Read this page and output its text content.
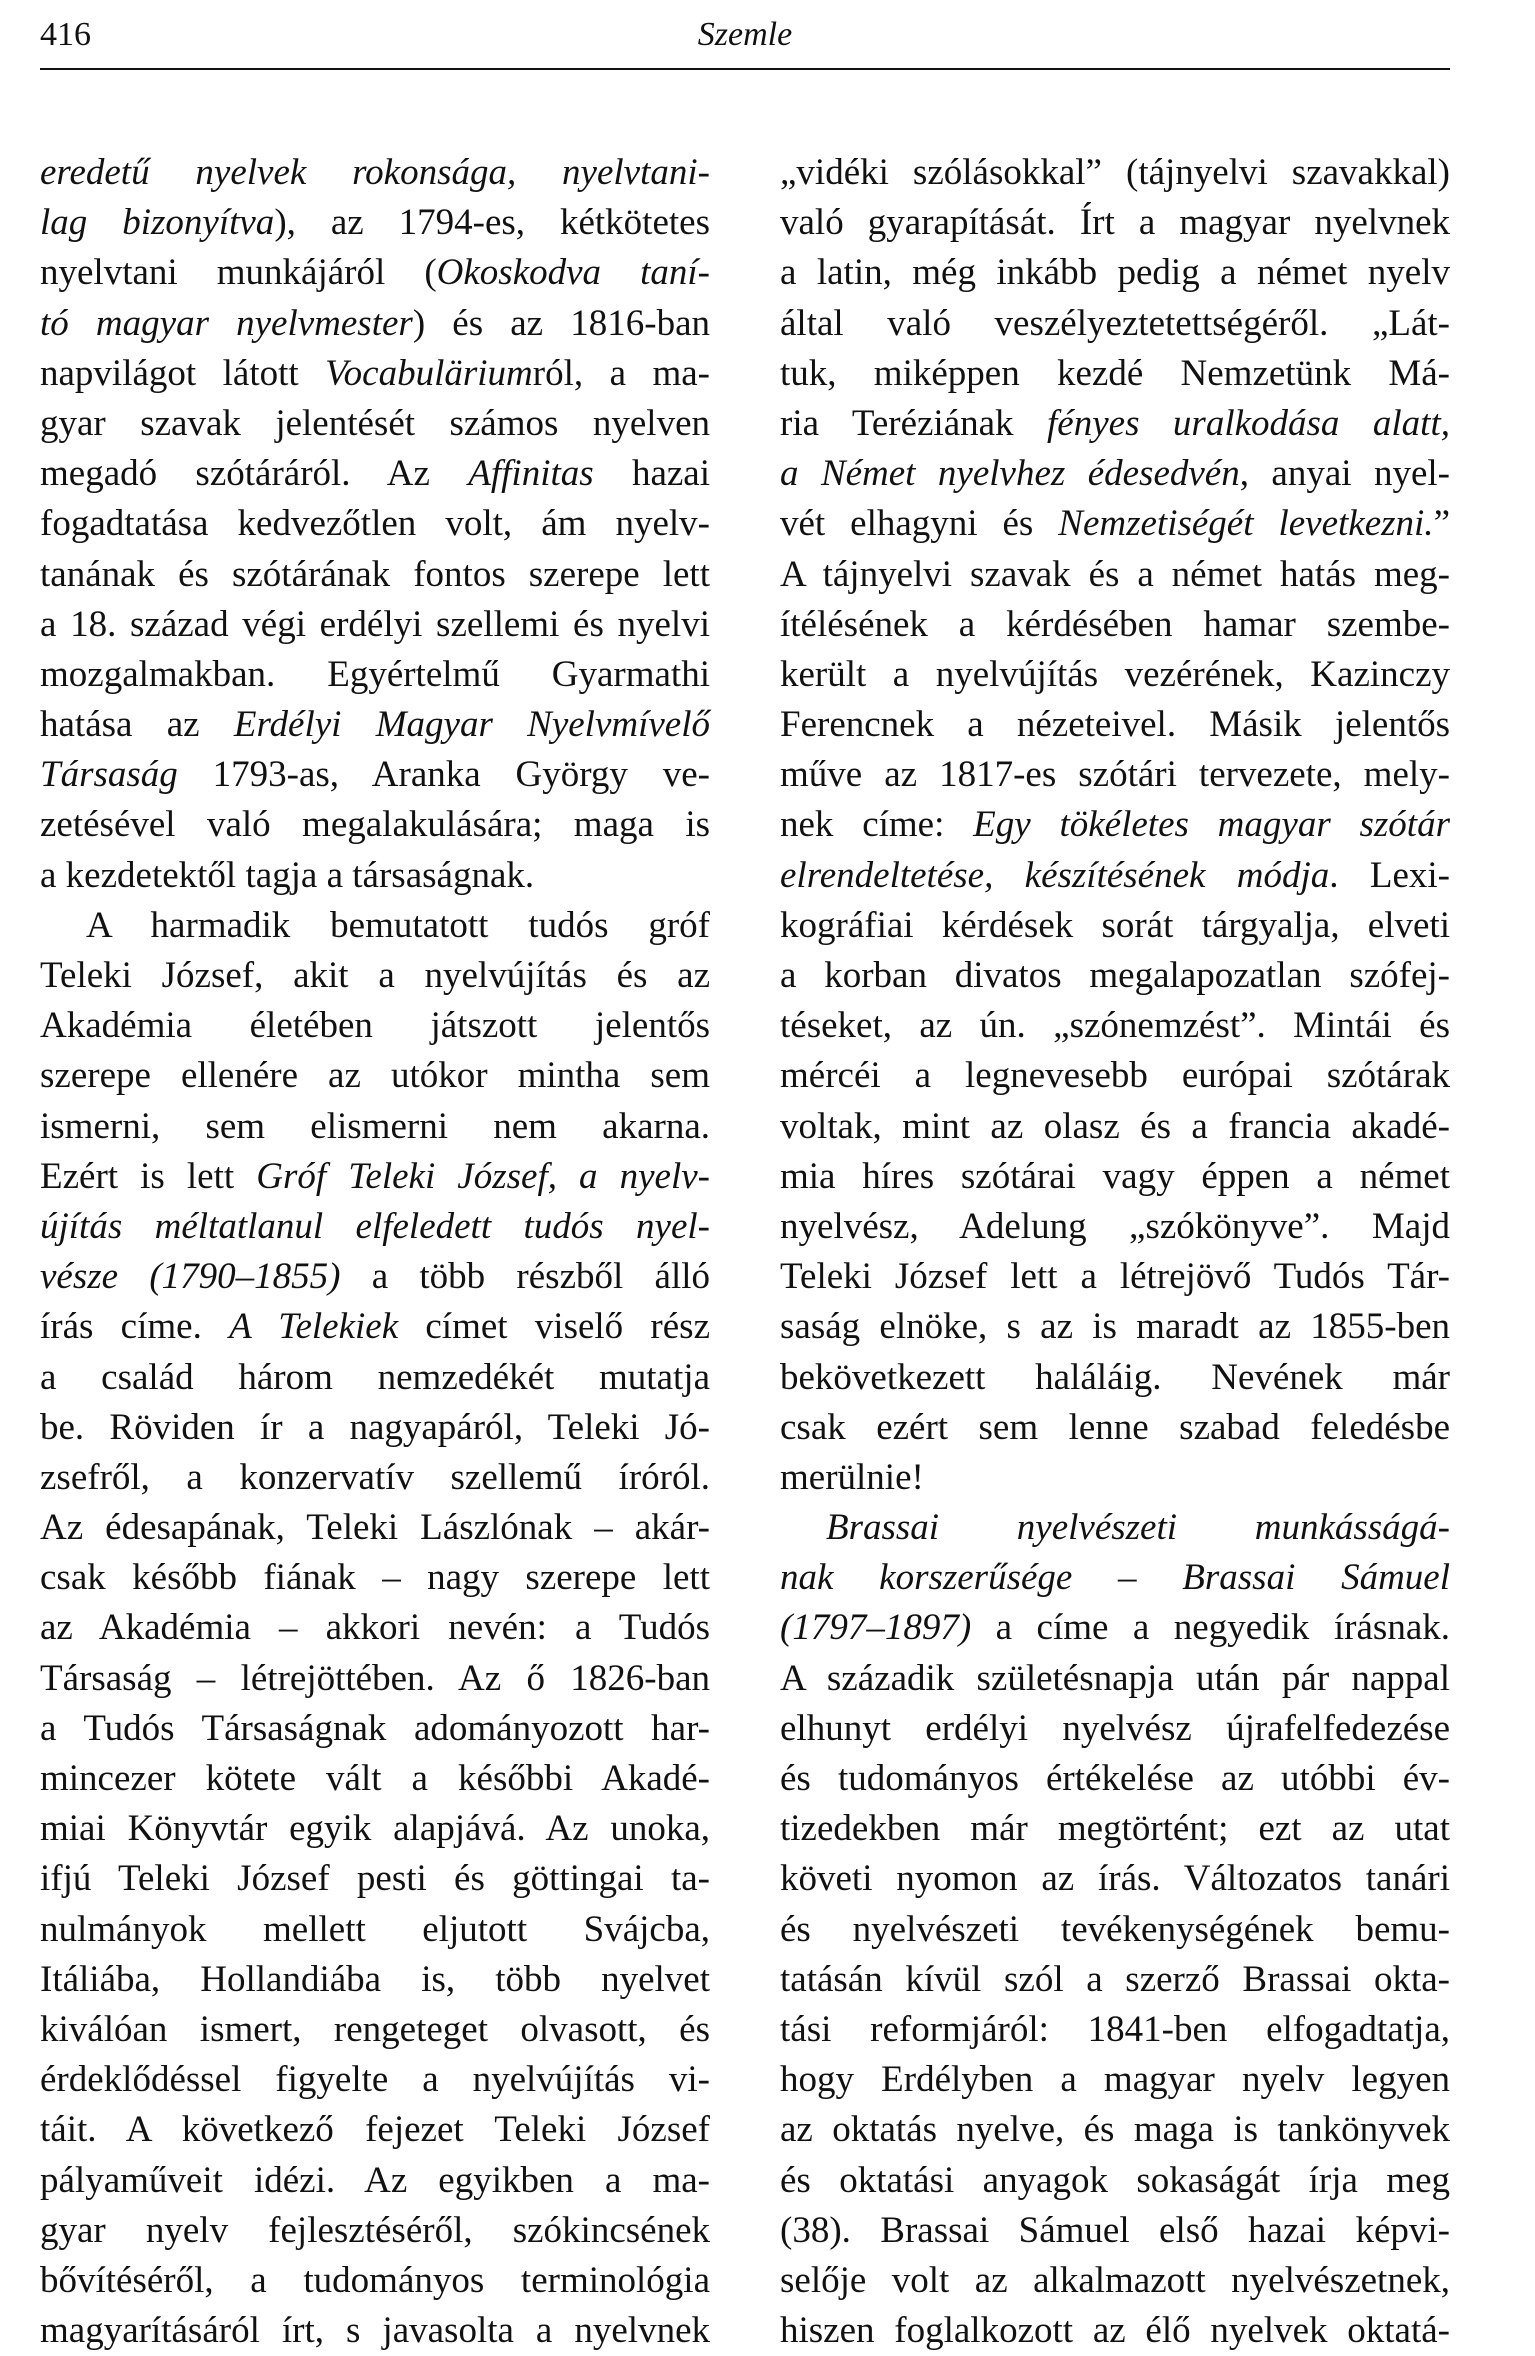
416	Szemle
eredetű nyelvek rokonsága, nyelvtani-
lag bizonyítva), az 1794-es, kétkötetes
nyelvtani munkájáról (Okoskodva taní-
tó magyar nyelvmester) és az 1816-ban
napvilágot látott Vocabuläriumról, a ma-
gyar szavak jelentését számos nyelven
megadó szótáráról. Az Affinitas hazai
fogadtatása kedvezőtlen volt, ám nyelv-
tanának és szótárának fontos szerepe lett
a 18. század végi erdélyi szellemi és nyelvi
mozgalmakban. Egyértelmű Gyarmathi
hatása az Erdélyi Magyar Nyelvmívelő
Társaság 1793-as, Aranka György ve-
zetésével való megalakulására; maga is
a kezdetektől tagja a társaságnak.
A harmadik bemutatott tudós gróf
Teleki József, akit a nyelvújítás és az
Akadémia életében játszott jelentős
szerepe ellenére az utókor mintha sem
ismerni, sem elismerni nem akarna.
Ezért is lett Gróf Teleki József, a nyelv-
újítás méltatlanul elfeledett tudós nyel-
vésze (1790–1855) a több részből álló
írás címe. A Telekiek címet viselő rész
a család három nemzedékét mutatja
be. Röviden ír a nagyapáról, Teleki Jó-
zsefről, a konzervatív szellemű íróról.
Az édesapának, Teleki Lászlónak – akár-
csak később fiának – nagy szerepe lett
az Akadémia – akkori nevén: a Tudós
Társaság – létrejöttében. Az ő 1826-ban
a Tudós Társaságnak adományozott har-
mincezer kötete vált a későbbi Akadé-
miai Könyvtár egyik alapjává. Az unoka,
ifjú Teleki József pesti és göttingai ta-
nulmányok mellett eljutott Svájcba,
Itáliába, Hollandiába is, több nyelvet
kiválóan ismert, rengeteget olvasott, és
érdeklődéssel figyelte a nyelvújítás vi-
táit. A következő fejezet Teleki József
pályaműveit idézi. Az egyikben a ma-
gyar nyelv fejlesztéséről, szókincsének
bővítéséről, a tudományos terminológia
magyarításáról írt, s javasolta a nyelvnek
„vidéki szólásokkal” (tájnyelvi szavakkal)
való gyarapítását. Írt a magyar nyelvnek
a latin, még inkább pedig a német nyelv
által való veszélyeztetettségéről. „Lát-
tuk, miképpen kezdé Nemzetünk Má-
ria Teréziának fényes uralkodása alatt,
a Német nyelvhez édesedvén, anyai nyel-
vét elhagyni és Nemzetiségét levetkezni.”
A tájnyelvi szavak és a német hatás meg-
ítélésének a kérdésében hamar szembe-
került a nyelvújítás vezérének, Kazinczy
Ferencnek a nézeteivel. Másik jelentős
műve az 1817-es szótári tervezete, mely-
nek címe: Egy tökéletes magyar szótár
elrendeltetése, készítésének módja. Lexi-
kográfiai kérdések sorát tárgyalja, elveti
a korban divatos megalapozatlan szófej-
téseket, az ún. „szónemzést”. Mintái és
mércéi a legnevesebb európai szótárak
voltak, mint az olasz és a francia akadé-
mia híres szótárai vagy éppen a német
nyelvész, Adelung „szókönyve”. Majd
Teleki József lett a létrejövő Tudós Tár-
saság elnöke, s az is maradt az 1855-ben
bekövetkezett haláláig. Nevének már
csak ezért sem lenne szabad feledésbe
merülnie!
Brassai nyelvészeti munkásságá-
nak korszerűsége – Brassai Sámuel
(1797–1897) a címe a negyedik írásnak.
A századik születésnapja után pár nappal
elhunyt erdélyi nyelvész újrafelfedezése
és tudományos értékelése az utóbbi év-
tizedekben már megtörtént; ezt az utat
követi nyomon az írás. Változatos tanári
és nyelvészeti tevékenységének bemu-
tatásán kívül szól a szerző Brassai okta-
tási reformjáról: 1841-ben elfogadtatja,
hogy Erdélyben a magyar nyelv legyen
az oktatás nyelve, és maga is tankönyvek
és oktatási anyagok sokaságát írja meg
(38). Brassai Sámuel első hazai képvi-
selője volt az alkalmazott nyelvészetnek,
hiszen foglalkozott az élő nyelvek oktatá-
